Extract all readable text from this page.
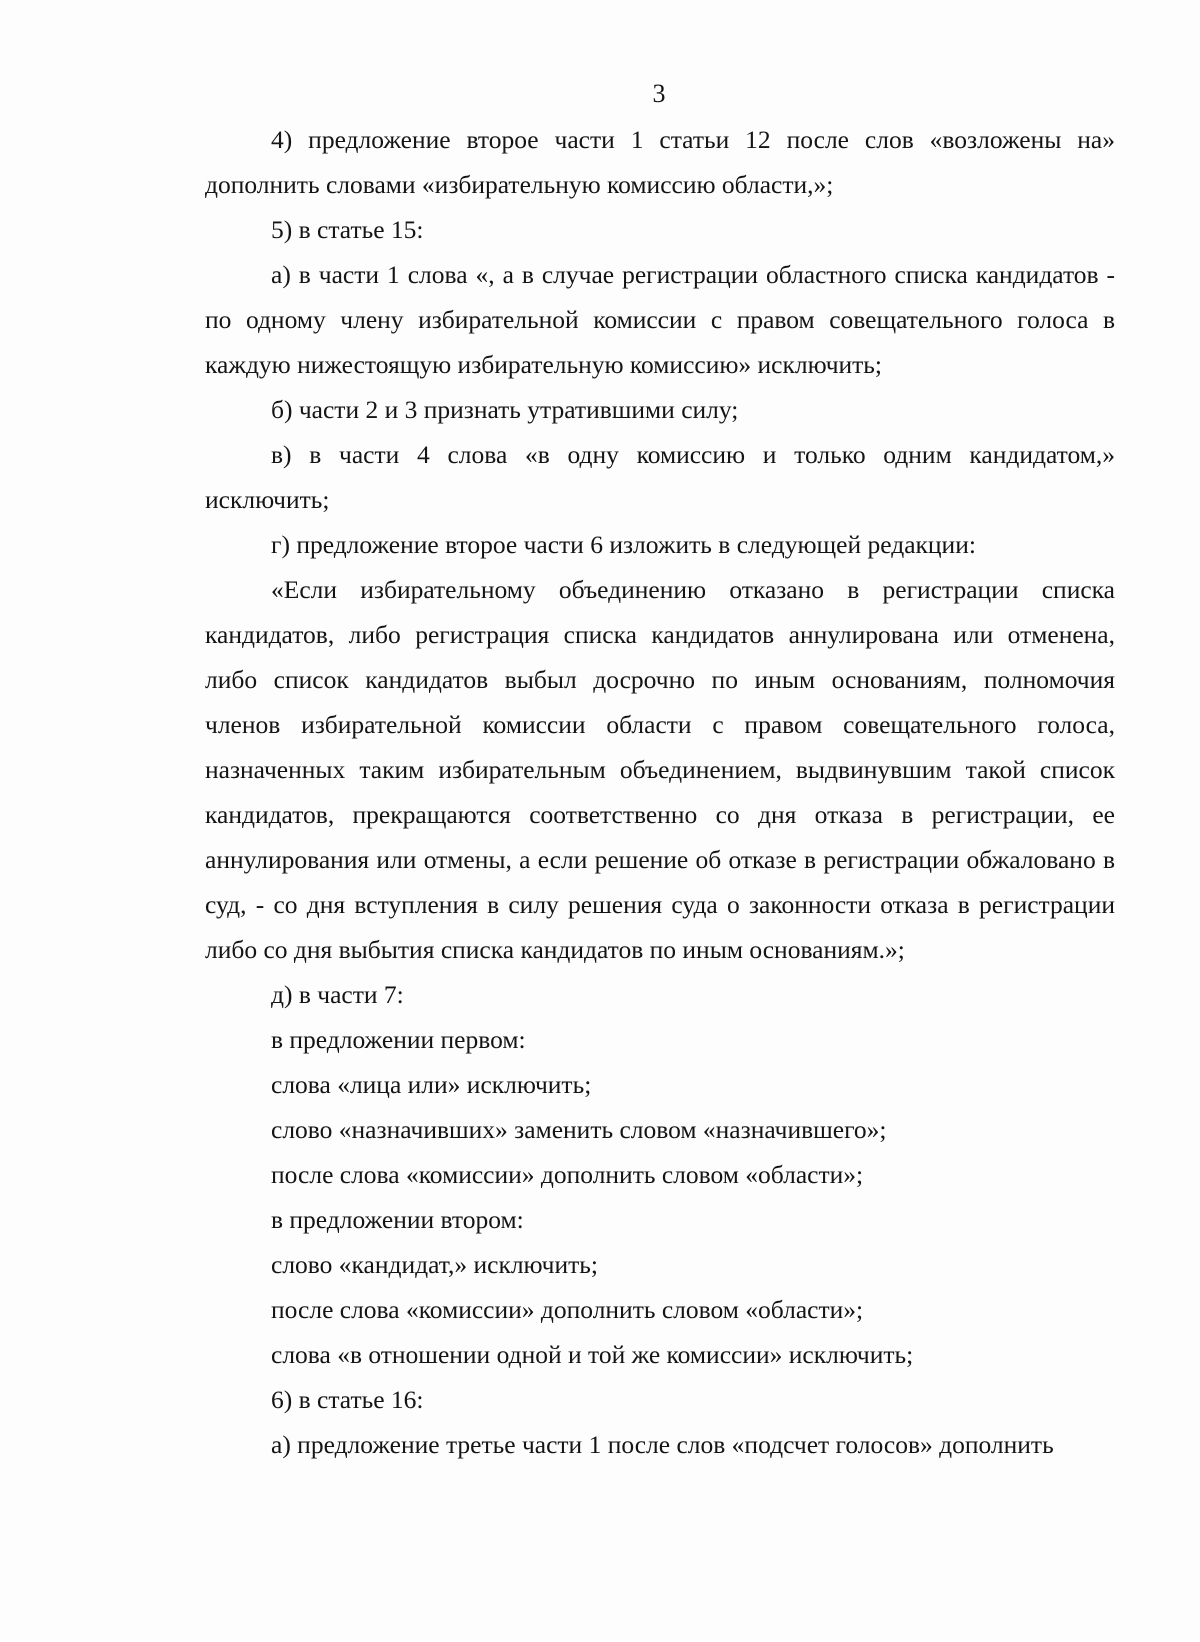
3

4) предложение второе части 1 статьи 12 после слов «возложены на» дополнить словами «избирательную комиссию области,»;

5) в статье 15:

а) в части 1 слова «, а в случае регистрации областного списка кандидатов - по одному члену избирательной комиссии с правом совещательного голоса в каждую нижестоящую избирательную комиссию» исключить;

б) части 2 и 3 признать утратившими силу;

в) в части 4 слова «в одну комиссию и только одним кандидатом,» исключить;

г) предложение второе части 6 изложить в следующей редакции:

«Если избирательному объединению отказано в регистрации списка кандидатов, либо регистрация списка кандидатов аннулирована или отменена, либо список кандидатов выбыл досрочно по иным основаниям, полномочия членов избирательной комиссии области с правом совещательного голоса, назначенных таким избирательным объединением, выдвинувшим такой список кандидатов, прекращаются соответственно со дня отказа в регистрации, ее аннулирования или отмены, а если решение об отказе в регистрации обжаловано в суд, - со дня вступления в силу решения суда о законности отказа в регистрации либо со дня выбытия списка кандидатов по иным основаниям.»;

д) в части 7:

в предложении первом:

слова «лица или» исключить;

слово «назначивших» заменить словом «назначившего»;

после слова «комиссии» дополнить словом «области»;

в предложении втором:

слово «кандидат,» исключить;

после слова «комиссии» дополнить словом «области»;

слова «в отношении одной и той же комиссии» исключить;

6) в статье 16:

а) предложение третье части 1 после слов «подсчет голосов» дополнить
